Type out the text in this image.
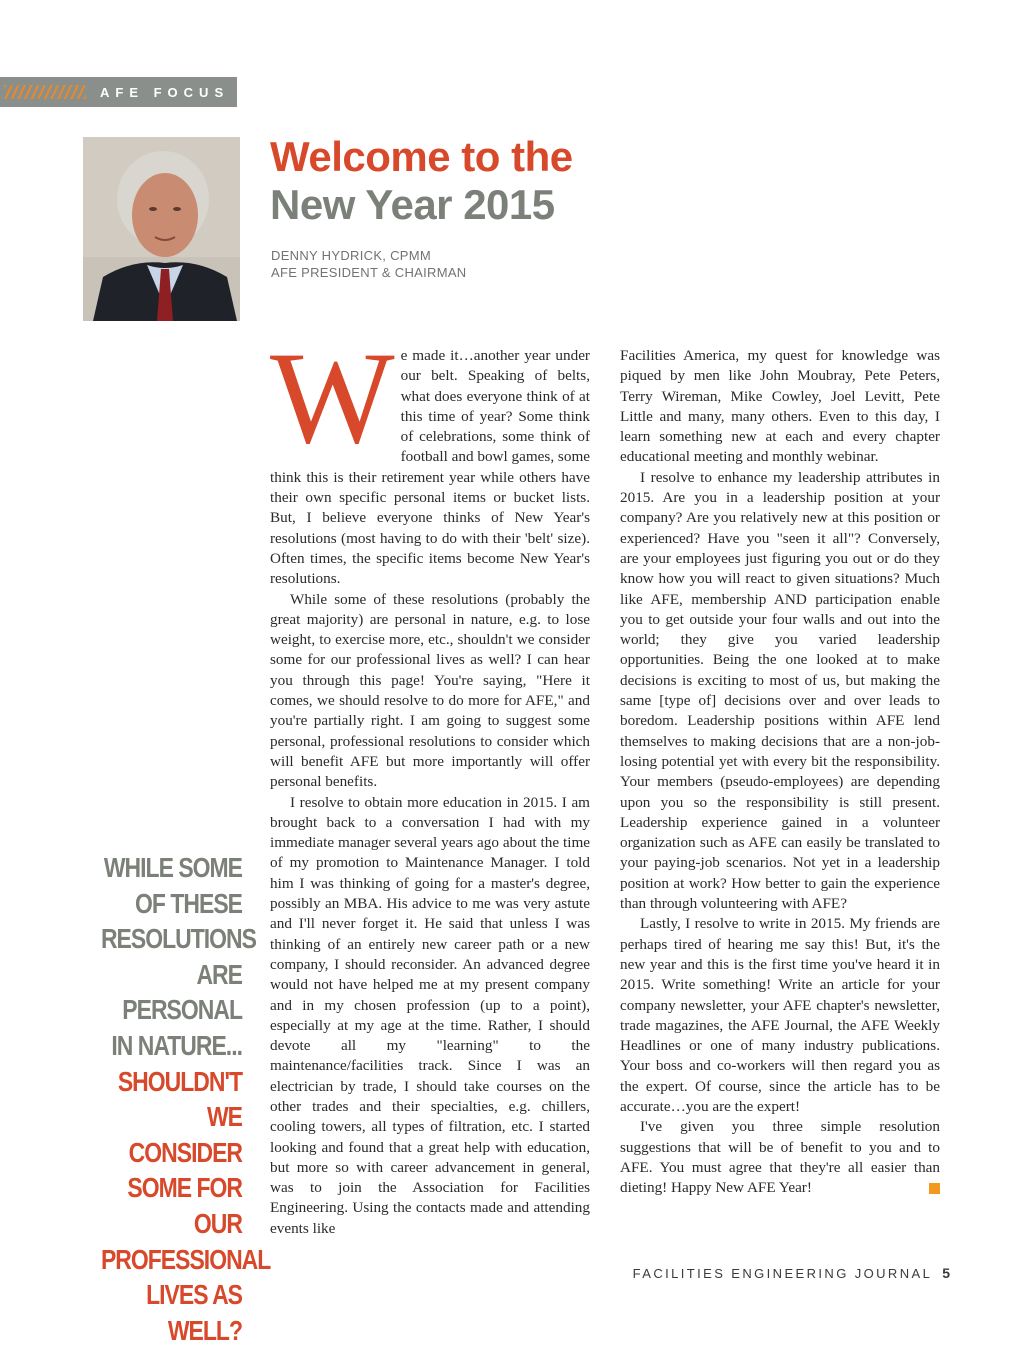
AFE FOCUS
Welcome to the
New Year 2015
DENNY HYDRICK, CPMM
AFE PRESIDENT & CHAIRMAN
W e made it…another year under our belt. Speaking of belts, what does everyone think of at this time of year? Some think of celebrations, some think of football and bowl games, some think this is their retirement year while others have their own specific personal items or bucket lists. But, I believe everyone thinks of New Year's resolutions (most having to do with their 'belt' size). Often times, the specific items become New Year's resolutions.

While some of these resolutions (probably the great majority) are personal in nature, e.g. to lose weight, to exercise more, etc., shouldn't we consider some for our professional lives as well? I can hear you through this page! You're saying, "Here it comes, we should resolve to do more for AFE," and you're partially right. I am going to suggest some personal, professional resolutions to consider which will benefit AFE but more importantly will offer personal benefits.

I resolve to obtain more education in 2015. I am brought back to a conversation I had with my immediate manager several years ago about the time of my promotion to Maintenance Manager. I told him I was thinking of going for a master's degree, possibly an MBA. His advice to me was very astute and I'll never forget it. He said that unless I was thinking of an entirely new career path or a new company, I should reconsider. An advanced degree would not have helped me at my present company and in my chosen profession (up to a point), especially at my age at the time. Rather, I should devote all my "learning" to the maintenance/facilities track. Since I was an electrician by trade, I should take courses on the other trades and their specialties, e.g. chillers, cooling towers, all types of filtration, etc. I started looking and found that a great help with education, but more so with career advancement in general, was to join the Association for Facilities Engineering. Using the contacts made and attending events like

Facilities America, my quest for knowledge was piqued by men like John Moubray, Pete Peters, Terry Wireman, Mike Cowley, Joel Levitt, Pete Little and many, many others. Even to this day, I learn something new at each and every chapter educational meeting and monthly webinar.

I resolve to enhance my leadership attributes in 2015. Are you in a leadership position at your company? Are you relatively new at this position or experienced? Have you "seen it all"? Conversely, are your employees just figuring you out or do they know how you will react to given situations? Much like AFE, membership AND participation enable you to get outside your four walls and out into the world; they give you varied leadership opportunities. Being the one looked at to make decisions is exciting to most of us, but making the same [type of] decisions over and over leads to boredom. Leadership positions within AFE lend themselves to making decisions that are a non-job-losing potential yet with every bit the responsibility. Your members (pseudo-employees) are depending upon you so the responsibility is still present. Leadership experience gained in a volunteer organization such as AFE can easily be translated to your paying-job scenarios. Not yet in a leadership position at work? How better to gain the experience than through volunteering with AFE?

Lastly, I resolve to write in 2015. My friends are perhaps tired of hearing me say this! But, it's the new year and this is the first time you've heard it in 2015. Write something! Write an article for your company newsletter, your AFE chapter's newsletter, trade magazines, the AFE Journal, the AFE Weekly Headlines or one of many industry publications. Your boss and co-workers will then regard you as the expert. Of course, since the article has to be accurate…you are the expert!

I've given you three simple resolution suggestions that will be of benefit to you and to AFE. You must agree that they're all easier than dieting! Happy New AFE Year!

WHILE SOME OF THESE RESOLUTIONS ARE PERSONAL IN NATURE...
SHOULDN'T WE CONSIDER SOME FOR OUR PROFESSIONAL LIVES AS WELL?
FACILITIES ENGINEERING JOURNAL 5
